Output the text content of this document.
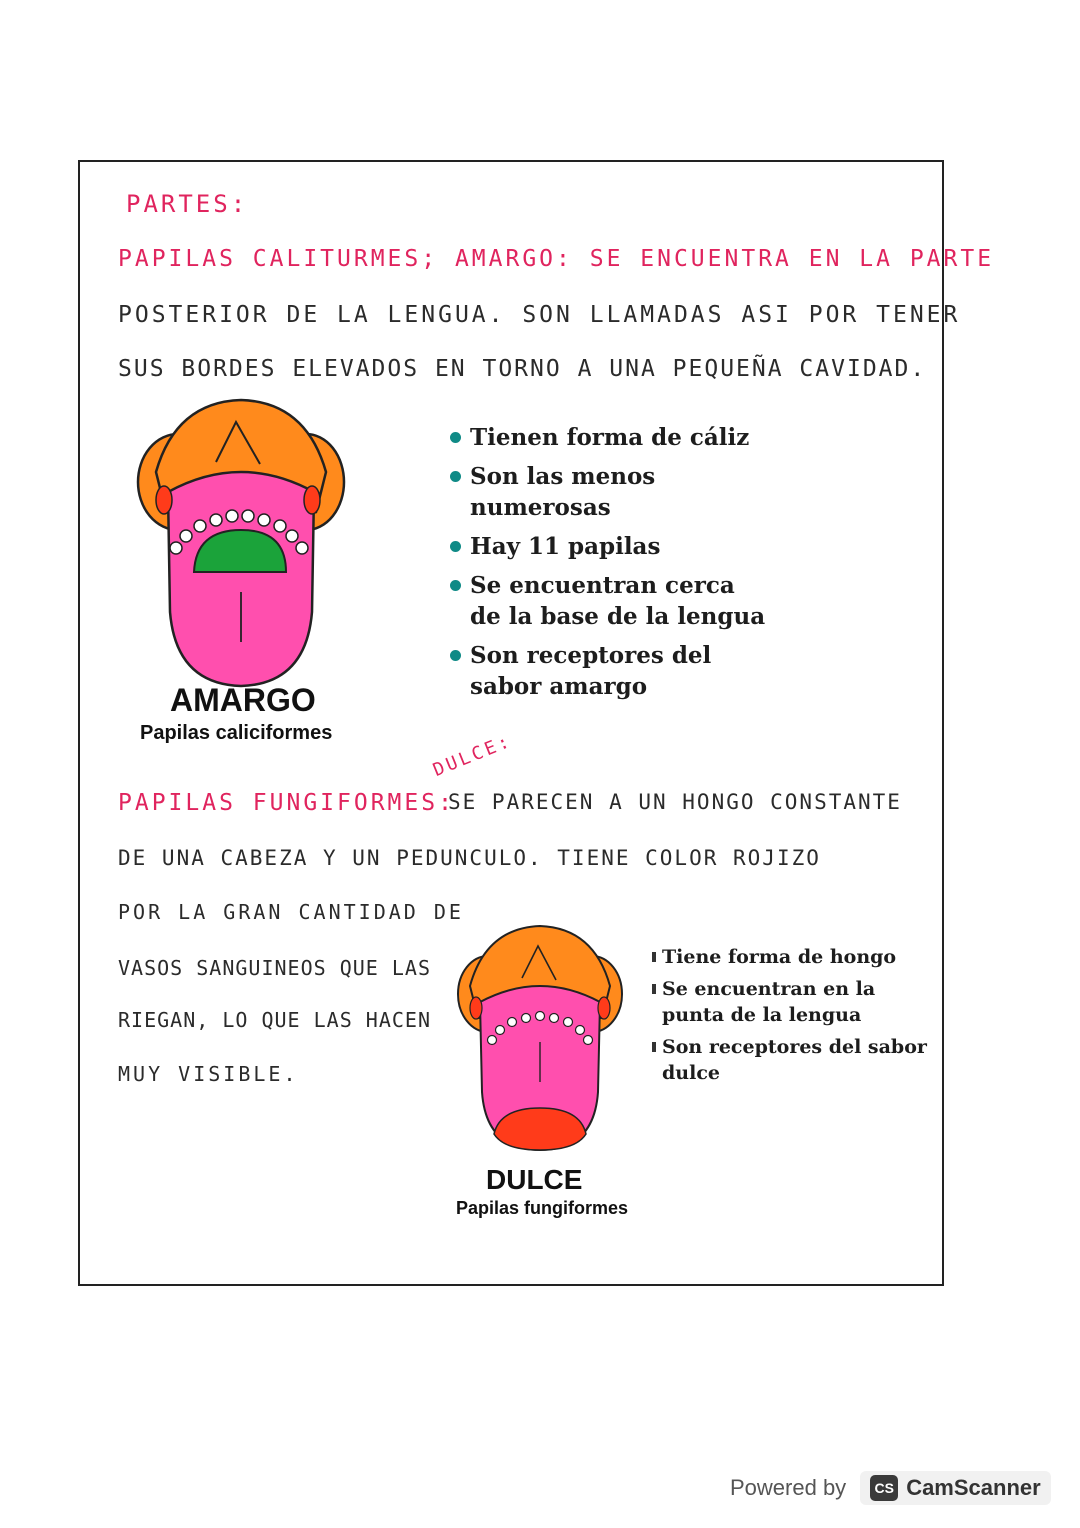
PARTES:
PAPILAS CALITURMES; AMARGO: SE ENCUENTRA EN LA PARTE
POSTERIOR DE LA LENGUA. SON LLAMADAS ASI POR TENER
SUS BORDES ELEVADOS EN TORNO A UNA PEQUEÑA CAVIDAD.
AMARGO
Papilas caliciformes
Tienen forma de cáliz
Son las menos numerosas
Hay 11 papilas
Se encuentran cerca de la base de la lengua
Son receptores del sabor amargo
DULCE:
PAPILAS FUNGIFORMES:
SE PARECEN A UN HONGO CONSTANTE
DE UNA CABEZA Y UN PEDUNCULO. TIENE COLOR ROJIZO
POR LA GRAN CANTIDAD DE
VASOS SANGUINEOS QUE LAS
RIEGAN, LO QUE LAS HACEN
MUY VISIBLE.
DULCE
Papilas fungiformes
Tiene forma de hongo
Se encuentran en la punta de la lengua
Son receptores del sabor dulce
Powered by	CS CamScanner
